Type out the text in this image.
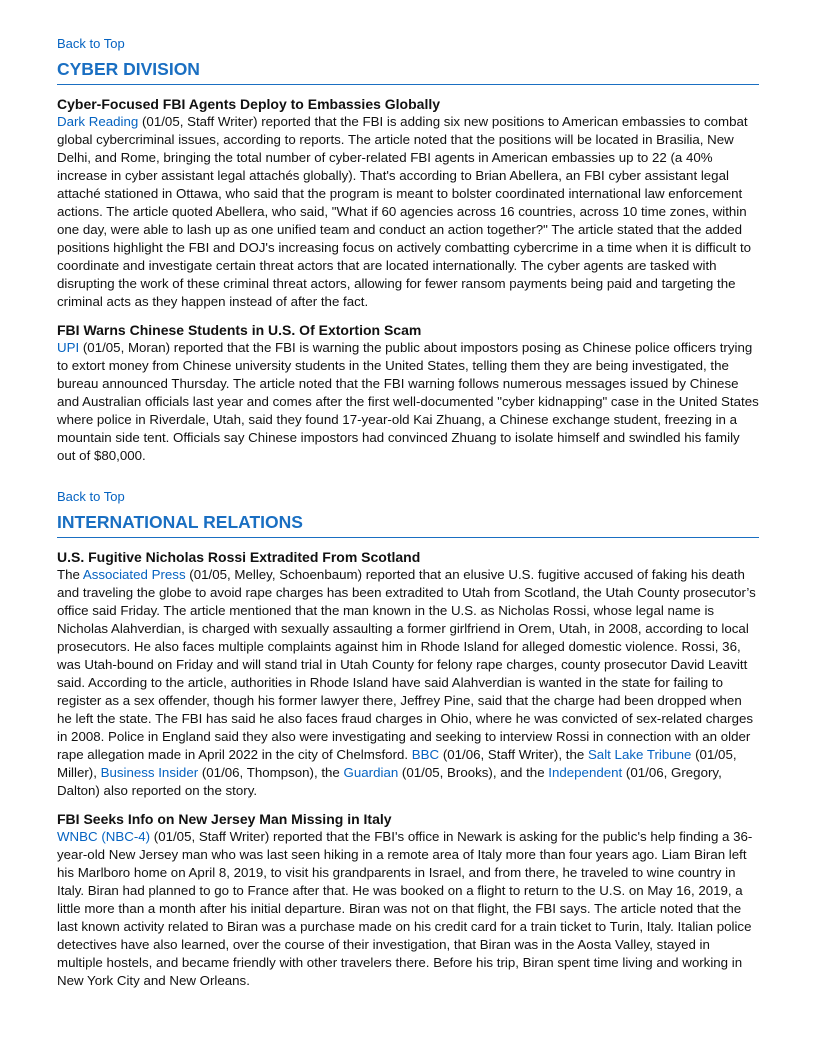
Back to Top
CYBER DIVISION
Cyber-Focused FBI Agents Deploy to Embassies Globally

Dark Reading (01/05, Staff Writer) reported that the FBI is adding six new positions to American embassies to combat global cybercriminal issues, according to reports. The article noted that the positions will be located in Brasilia, New Delhi, and Rome, bringing the total number of cyber-related FBI agents in American embassies up to 22 (a 40% increase in cyber assistant legal attachés globally). That's according to Brian Abellera, an FBI cyber assistant legal attaché stationed in Ottawa, who said that the program is meant to bolster coordinated international law enforcement actions. The article quoted Abellera, who said, "What if 60 agencies across 16 countries, across 10 time zones, within one day, were able to lash up as one unified team and conduct an action together?" The article stated that the added positions highlight the FBI and DOJ's increasing focus on actively combatting cybercrime in a time when it is difficult to coordinate and investigate certain threat actors that are located internationally. The cyber agents are tasked with disrupting the work of these criminal threat actors, allowing for fewer ransom payments being paid and targeting the criminal acts as they happen instead of after the fact.

FBI Warns Chinese Students in U.S. Of Extortion Scam

UPI (01/05, Moran) reported that the FBI is warning the public about impostors posing as Chinese police officers trying to extort money from Chinese university students in the United States, telling them they are being investigated, the bureau announced Thursday. The article noted that the FBI warning follows numerous messages issued by Chinese and Australian officials last year and comes after the first well-documented "cyber kidnapping" case in the United States where police in Riverdale, Utah, said they found 17-year-old Kai Zhuang, a Chinese exchange student, freezing in a mountain side tent. Officials say Chinese impostors had convinced Zhuang to isolate himself and swindled his family out of $80,000.

Back to Top
INTERNATIONAL RELATIONS
U.S. Fugitive Nicholas Rossi Extradited From Scotland

The Associated Press (01/05, Melley, Schoenbaum) reported that an elusive U.S. fugitive accused of faking his death and traveling the globe to avoid rape charges has been extradited to Utah from Scotland, the Utah County prosecutor’s office said Friday. The article mentioned that the man known in the U.S. as Nicholas Rossi, whose legal name is Nicholas Alahverdian, is charged with sexually assaulting a former girlfriend in Orem, Utah, in 2008, according to local prosecutors. He also faces multiple complaints against him in Rhode Island for alleged domestic violence. Rossi, 36, was Utah-bound on Friday and will stand trial in Utah County for felony rape charges, county prosecutor David Leavitt said. According to the article, authorities in Rhode Island have said Alahverdian is wanted in the state for failing to register as a sex offender, though his former lawyer there, Jeffrey Pine, said that the charge had been dropped when he left the state. The FBI has said he also faces fraud charges in Ohio, where he was convicted of sex-related charges in 2008. Police in England said they also were investigating and seeking to interview Rossi in connection with an older rape allegation made in April 2022 in the city of Chelmsford. BBC (01/06, Staff Writer), the Salt Lake Tribune (01/05, Miller), Business Insider (01/06, Thompson), the Guardian (01/05, Brooks), and the Independent (01/06, Gregory, Dalton) also reported on the story.

FBI Seeks Info on New Jersey Man Missing in Italy

WNBC (NBC-4) (01/05, Staff Writer) reported that the FBI's office in Newark is asking for the public's help finding a 36-year-old New Jersey man who was last seen hiking in a remote area of Italy more than four years ago. Liam Biran left his Marlboro home on April 8, 2019, to visit his grandparents in Israel, and from there, he traveled to wine country in Italy. Biran had planned to go to France after that. He was booked on a flight to return to the U.S. on May 16, 2019, a little more than a month after his initial departure. Biran was not on that flight, the FBI says. The article noted that the last known activity related to Biran was a purchase made on his credit card for a train ticket to Turin, Italy. Italian police detectives have also learned, over the course of their investigation, that Biran was in the Aosta Valley, stayed in multiple hostels, and became friendly with other travelers there. Before his trip, Biran spent time living and working in New York City and New Orleans.
